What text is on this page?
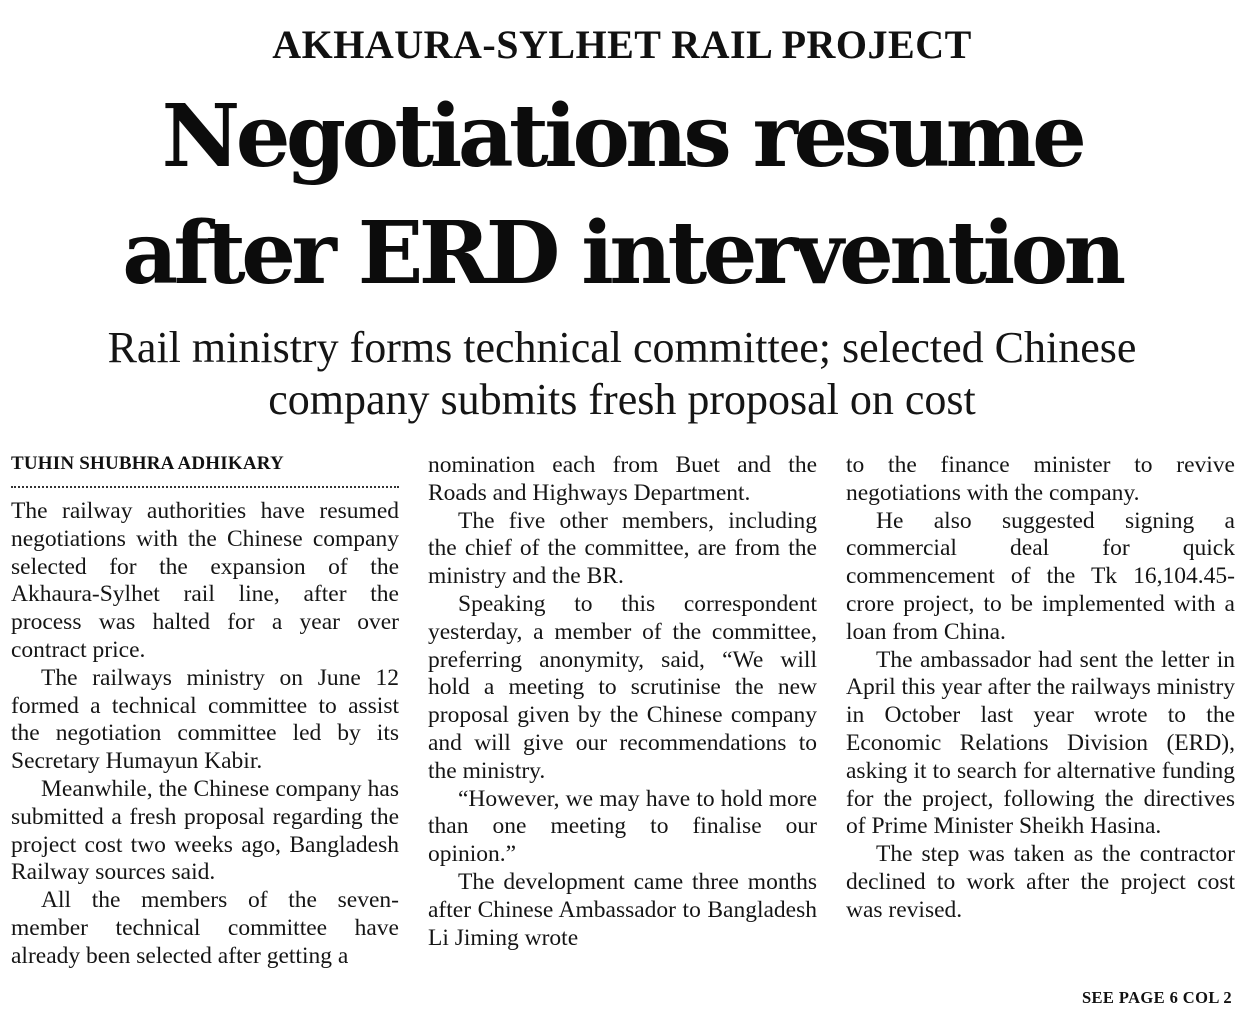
AKHAURA-SYLHET RAIL PROJECT
Negotiations resume
after ERD intervention
Rail ministry forms technical committee; selected Chinese
company submits fresh proposal on cost
TUHIN SHUBHRA ADHIKARY

The railway authorities have resumed negotiations with the Chinese company selected for the expansion of the Akhaura-Sylhet rail line, after the process was halted for a year over contract price.

The railways ministry on June 12 formed a technical committee to assist the negotiation committee led by its Secretary Humayun Kabir.

Meanwhile, the Chinese company has submitted a fresh proposal regarding the project cost two weeks ago, Bangladesh Railway sources said.

All the members of the seven-member technical committee have already been selected after getting a

nomination each from Buet and the Roads and Highways Department.

The five other members, including the chief of the committee, are from the ministry and the BR.

Speaking to this correspondent yesterday, a member of the committee, preferring anonymity, said, “We will hold a meeting to scrutinise the new proposal given by the Chinese company and will give our recommendations to the ministry.

“However, we may have to hold more than one meeting to finalise our opinion.”

The development came three months after Chinese Ambassador to Bangladesh Li Jiming wrote

to the finance minister to revive negotiations with the company.

He also suggested signing a commercial deal for quick commencement of the Tk 16,104.45-crore project, to be implemented with a loan from China.

The ambassador had sent the letter in April this year after the railways ministry in October last year wrote to the Economic Relations Division (ERD), asking it to search for alternative funding for the project, following the directives of Prime Minister Sheikh Hasina.

The step was taken as the contractor declined to work after the project cost was revised.

SEE PAGE 6 COL 2
